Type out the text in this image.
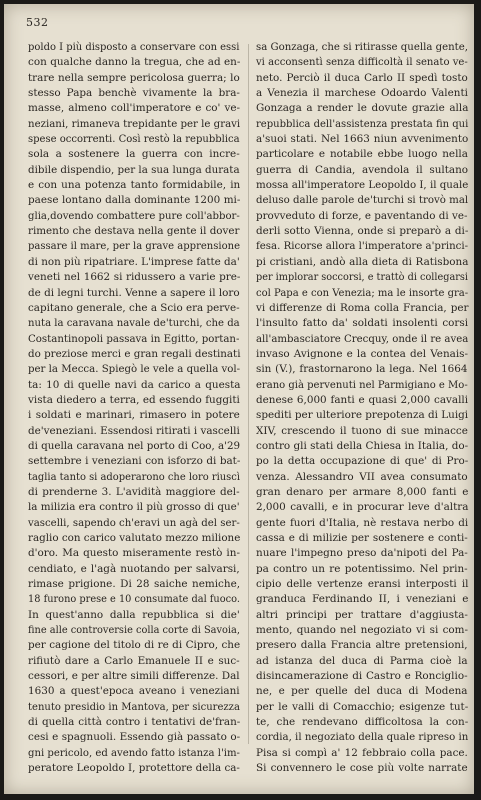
532
poldo I più disposto a conservare con essi
con qualche danno la tregua, che ad en-
trare nella sempre pericolosa guerra; lo
stesso Papa benchè vivamente la bra-
masse, almeno coll'imperatore e co' ve-
neziani, rimaneva trepidante per le gravi
spese occorrenti. Così restò la repubblica
sola a sostenere la guerra con incre-
dibile dispendio, per la sua lunga durata
e con una potenza tanto formidabile, in
paese lontano dalla dominante 1200 mi-
glia,dovendo combattere pure coll'abbor-
rimento che destava nella gente il dover
passare il mare, per la grave apprensione
di non più ripatriare. L'imprese fatte da'
veneti nel 1662 si ridussero a varie pre-
de di legni turchi. Venne a sapere il loro
capitano generale, che a Scio era perve-
nuta la caravana navale de'turchi, che da
Costantinopoli passava in Egitto, portan-
do preziose merci e gran regali destinati
per la Mecca. Spiegò le vele a quella vol-
ta: 10 di quelle navi da carico a questa
vista diedero a terra, ed essendo fuggiti
i soldati e marinari, rimasero in potere
de'veneziani. Essendosi ritirati i vascelli
di quella caravana nel porto di Coo, a'29
settembre i veneziani con isforzo di bat-
taglia tanto si adoperarono che loro riuscì
di prenderne 3. L'avidità maggiore del-
la milizia era contro il più grosso di que'
vascelli, sapendo ch'eravi un agà del ser-
raglio con carico valutato mezzo milione
d'oro. Ma questo miseramente restò in-
cendiato, e l'agà nuotando per salvarsi,
rimase prigione. Di 28 saiche nemiche,
18 furono prese e 10 consumate dal fuoco.
In quest'anno dalla repubblica si die'
fine alle controversie colla corte di Savoia,
per cagione del titolo di re di Cipro, che
rifiutò dare a Carlo Emanuele II e suc-
cessori, e per altre simili differenze. Dal
1630 a quest'epoca aveano i veneziani
tenuto presidio in Mantova, per sicurezza
di quella città contro i tentativi de'fran-
cesi e spagnuoli. Essendo già passato o-
gni pericolo, ed avendo fatto istanza l'im-
peratore Leopoldo I, protettore della ca-
sa Gonzaga, che si ritirasse quella gente,
vi acconsentì senza difficoltà il senato ve-
neto. Perciò il duca Carlo II spedì tosto
a Venezia il marchese Odoardo Valenti
Gonzaga a render le dovute grazie alla
repubblica dell'assistenza prestata fin qui
a'suoi stati. Nel 1663 niun avvenimento
particolare e notabile ebbe luogo nella
guerra di Candia, avendola il sultano
mossa all'imperatore Leopoldo I, il quale
deluso dalle parole de'turchi si trovò mal
provveduto di forze, e paventando di ve-
derli sotto Vienna, onde si preparò a di-
fesa. Ricorse allora l'imperatore a'princi-
pi cristiani, andò alla dieta di Ratisbona
per implorar soccorsi, e trattò di collegarsi
col Papa e con Venezia; ma le insorte gra-
vi differenze di Roma colla Francia, per
l'insulto fatto da' soldati insolenti corsi
all'ambasciatore Crecquy, onde il re avea
invaso Avignone e la contea del Venais-
sin (V.), frastornarono la lega. Nel 1664
erano già pervenuti nel Parmigiano e Mo-
denese 6,000 fanti e quasi 2,000 cavalli
spediti per ulteriore prepotenza di Luigi
XIV, crescendo il tuono di sue minacce
contro gli stati della Chiesa in Italia, do-
po la detta occupazione di que' di Pro-
venza. Alessandro VII avea consumato
gran denaro per armare 8,000 fanti e
2,000 cavalli, e in procurar leve d'altra
gente fuori d'Italia, nè restava nerbo di
cassa e di milizie per sostenere e conti-
nuare l'impegno preso da'nipoti del Pa-
pa contro un re potentissimo. Nel prin-
cipio delle vertenze eransi interposti il
granduca Ferdinando II, i veneziani e
altri principi per trattare d'aggiusta-
mento, quando nel negoziato vi si com-
presero dalla Francia altre pretensioni,
ad istanza del duca di Parma cioè la
disincamerazione di Castro e Ronciglio-
ne, e per quelle del duca di Modena
per le valli di Comacchio; esigenze tut-
te, che rendevano difficoltosa la con-
cordia, il negoziato della quale ripreso in
Pisa si compì a' 12 febbraio colla pace.
Si convennero le cose più volte narrate
